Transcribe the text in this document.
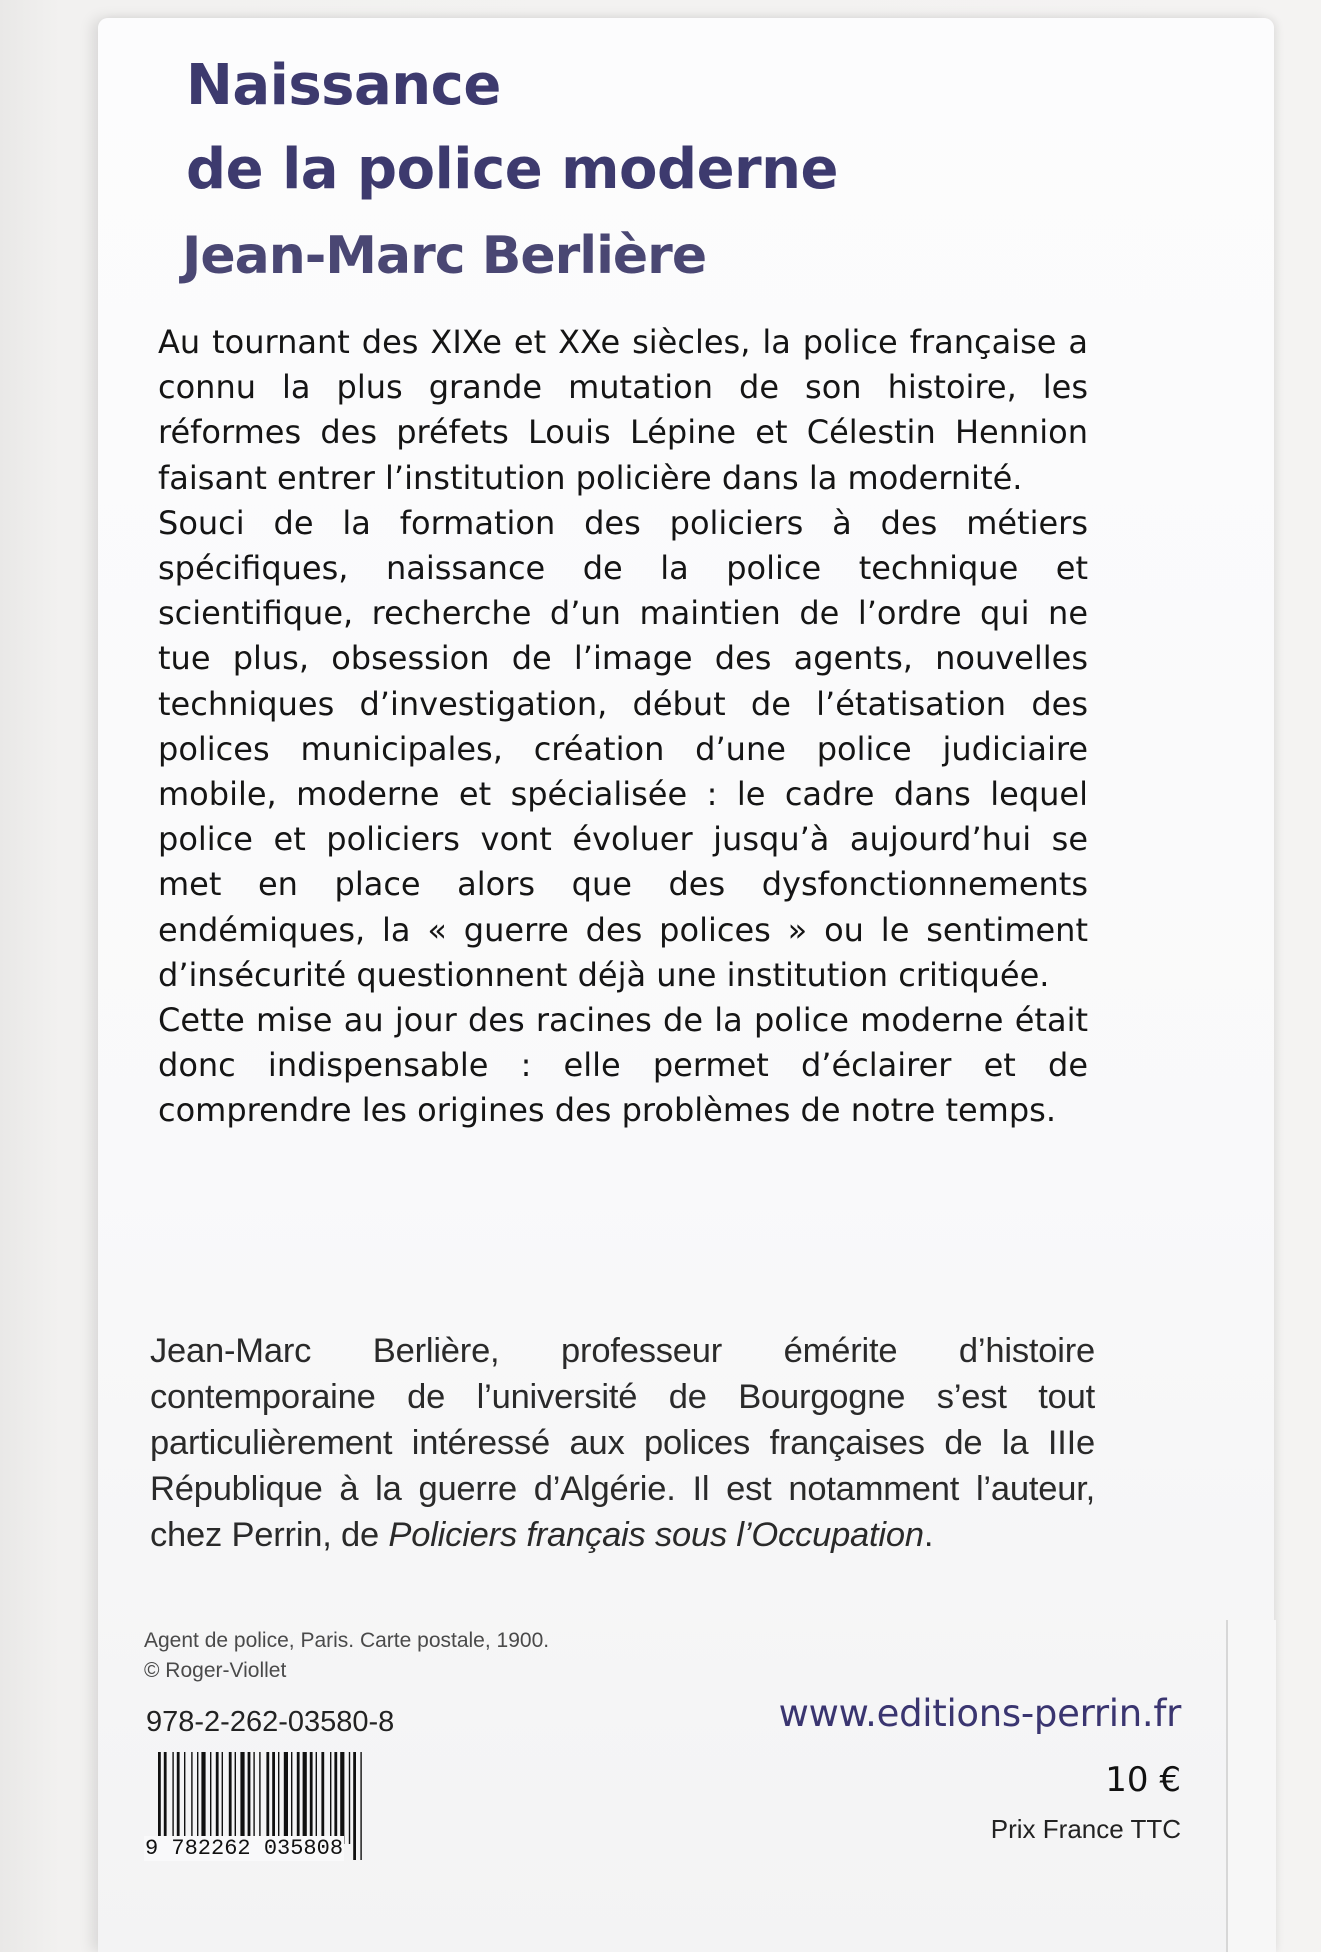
Naissance
de la police moderne
Jean-Marc Berlière

Au tournant des XIXe et XXe siècles, la police française a connu la plus grande mutation de son histoire, les réformes des préfets Louis Lépine et Célestin Hennion faisant entrer l’institution policière dans la modernité.

Souci de la formation des policiers à des métiers spécifiques, naissance de la police technique et scientifique, recherche d’un maintien de l’ordre qui ne tue plus, obsession de l’image des agents, nouvelles techniques d’investigation, début de l’étatisation des polices municipales, création d’une police judiciaire mobile, moderne et spécialisée : le cadre dans lequel police et policiers vont évoluer jusqu’à aujourd’hui se met en place alors que des dysfonctionnements endémiques, la « guerre des polices » ou le sentiment d’insécurité questionnent déjà une institution critiquée.

Cette mise au jour des racines de la police moderne était donc indispensable : elle permet d’éclairer et de comprendre les origines des problèmes de notre temps.

Jean-Marc Berlière, professeur émérite d’histoire contemporaine de l’université de Bourgogne s’est tout particulièrement intéressé aux polices françaises de la IIIe République à la guerre d’Algérie. Il est notamment l’auteur, chez Perrin, de Policiers français sous l’Occupation.

Agent de police, Paris. Carte postale, 1900.
© Roger-Viollet
978-2-262-03580-8
9 782262 035808
www.editions-perrin.fr
10 €
Prix France TTC
